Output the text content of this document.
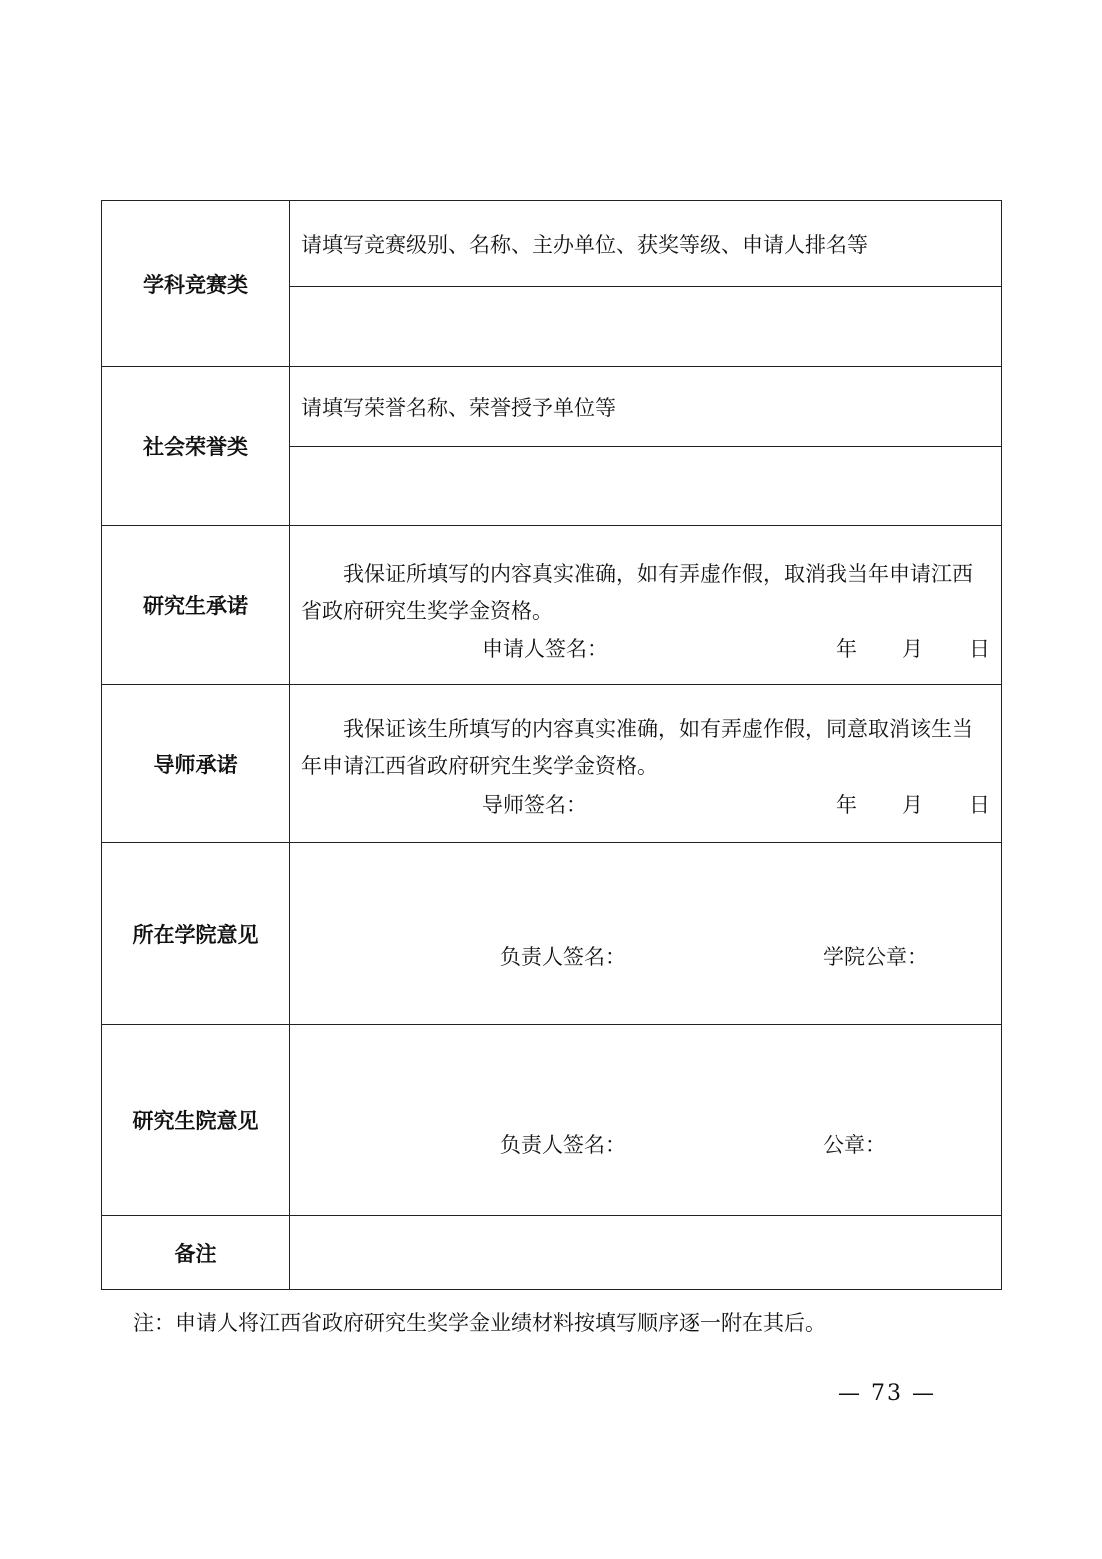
学科竞赛类	请填写竞赛级别、名称、主办单位、获奖等级、申请人排名等

社会荣誉类	请填写荣誉名称、荣誉授予单位等

研究生承诺	我保证所填写的内容真实准确，如有弄虚作假，取消我当年申请江西省政府研究生奖学金资格。
申请人签名： 年 月 日

导师承诺	我保证该生所填写的内容真实准确，如有弄虚作假，同意取消该生当年申请江西省政府研究生奖学金资格。
导师签名： 年 月 日

所在学院意见	负责人签名： 学院公章：

研究生院意见	负责人签名： 公章：

备注	
注：申请人将江西省政府研究生奖学金业绩材料按填写顺序逐一附在其后。
— 73 —
